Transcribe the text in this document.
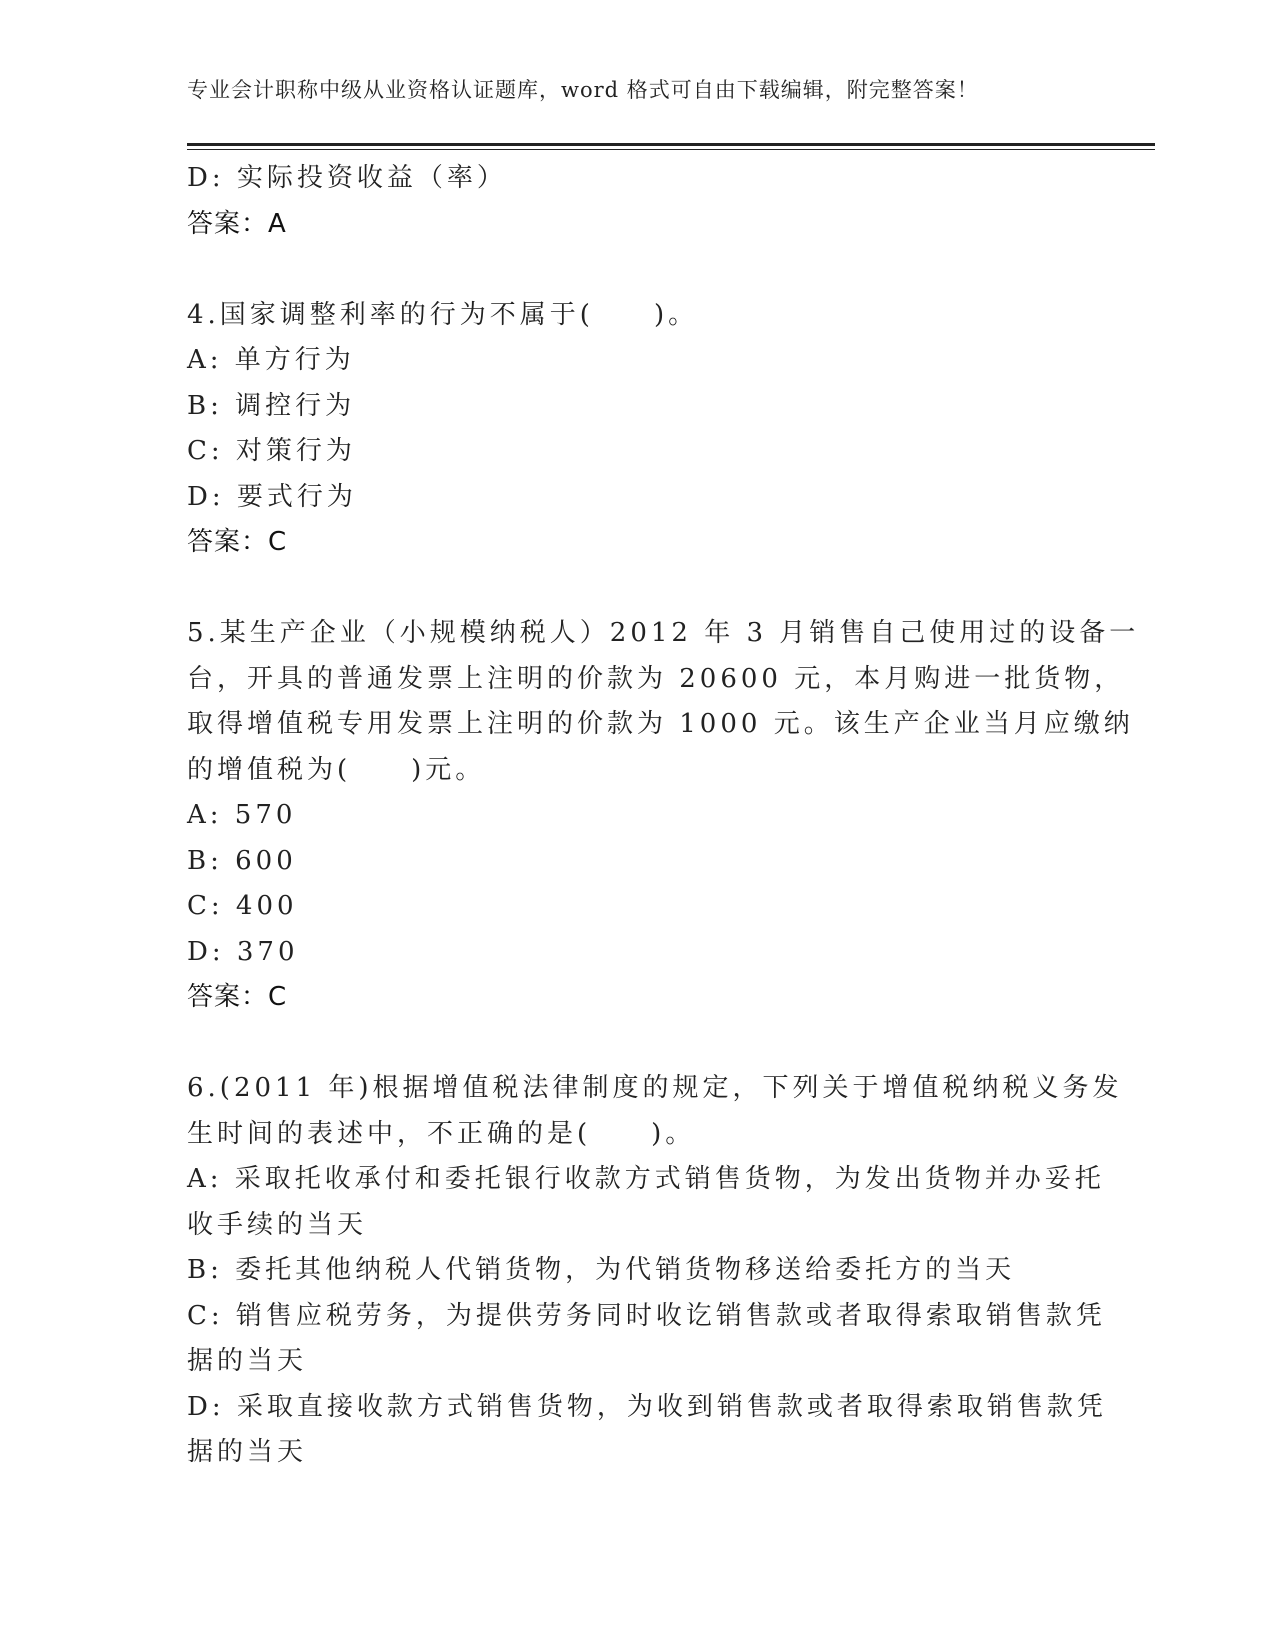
专业会计职称中级从业资格认证题库，word 格式可自由下载编辑，附完整答案！
D: 实际投资收益（率）
答案：A
4.国家调整利率的行为不属于(　　)。
A: 单方行为
B: 调控行为
C: 对策行为
D: 要式行为
答案：C
5.某生产企业（小规模纳税人）2012 年 3 月销售自己使用过的设备一
台，开具的普通发票上注明的价款为 20600 元，本月购进一批货物，
取得增值税专用发票上注明的价款为 1000 元。该生产企业当月应缴纳
的增值税为(　　)元。
A: 570
B: 600
C: 400
D: 370
答案：C
6.(2011 年)根据增值税法律制度的规定，下列关于增值税纳税义务发
生时间的表述中，不正确的是(　　)。
A: 采取托收承付和委托银行收款方式销售货物，为发出货物并办妥托
收手续的当天
B: 委托其他纳税人代销货物，为代销货物移送给委托方的当天
C: 销售应税劳务，为提供劳务同时收讫销售款或者取得索取销售款凭
据的当天
D: 采取直接收款方式销售货物，为收到销售款或者取得索取销售款凭
据的当天
